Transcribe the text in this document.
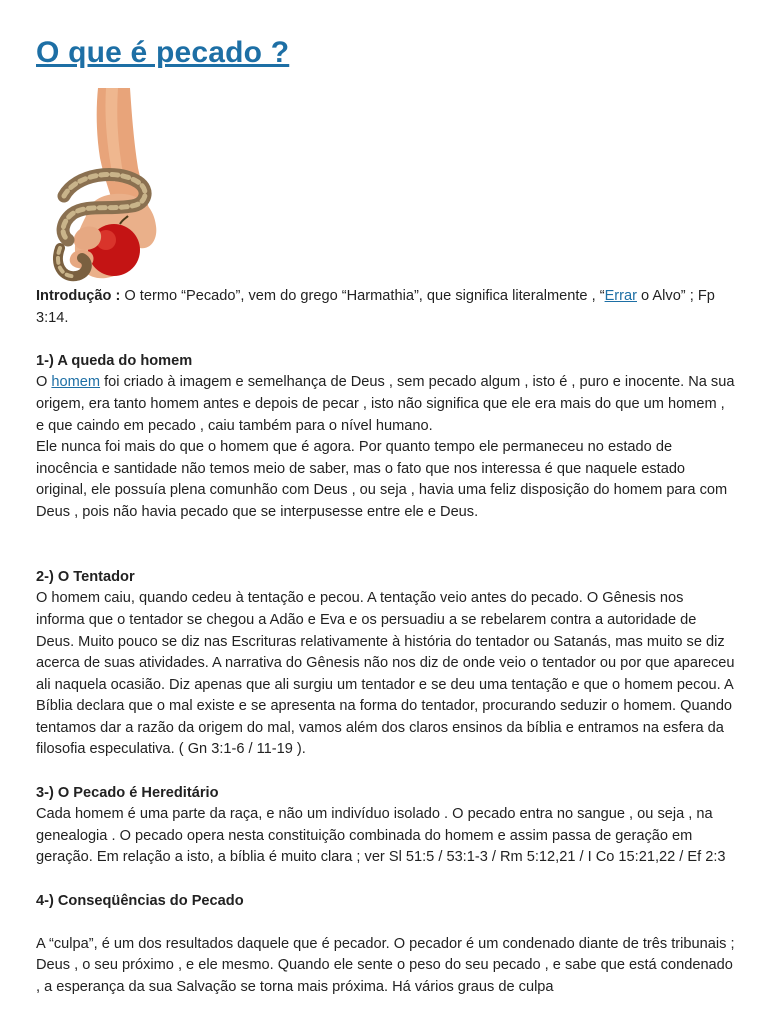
O que é pecado ?

Introdução : O termo “Pecado”, vem do grego “Harmathia”, que significa literalmente , “Errar o Alvo” ; Fp 3:14.

1-) A queda do homem

O homem foi criado à imagem e semelhança de Deus , sem pecado algum , isto é , puro e inocente. Na sua origem, era tanto homem antes e depois de pecar , isto não significa que ele era mais do que um homem , e que caindo em pecado , caiu também para o nível humano.

Ele nunca foi mais do que o homem que é agora. Por quanto tempo ele permaneceu no estado de inocência e santidade não temos meio de saber, mas o fato que nos interessa é que naquele estado original, ele possuía plena comunhão com Deus , ou seja , havia uma feliz disposição do homem para com Deus , pois não havia pecado que se interpusesse entre ele e Deus.

2-) O Tentador

O homem caiu, quando cedeu à tentação e pecou. A tentação veio antes do pecado. O Gênesis nos informa que o tentador se chegou a Adão e Eva e os persuadiu a se rebelarem contra a autoridade de Deus. Muito pouco se diz nas Escrituras relativamente à história do tentador ou Satanás, mas muito se diz acerca de suas atividades. A narrativa do Gênesis não nos diz de onde veio o tentador ou por que apareceu ali naquela ocasião. Diz apenas que ali surgiu um tentador e se deu uma tentação e que o homem pecou. A Bíblia declara que o mal existe e se apresenta na forma do tentador, procurando seduzir o homem. Quando tentamos dar a razão da origem do mal, vamos além dos claros ensinos da bíblia e entramos na esfera da filosofia especulativa. ( Gn 3:1-6 / 11-19 ).

3-) O Pecado é Hereditário

Cada homem é uma parte da raça, e não um indivíduo isolado . O pecado entra no sangue , ou seja , na genealogia . O pecado opera nesta constituição combinada do homem e assim passa de geração em geração. Em relação a isto, a bíblia é muito clara ; ver Sl 51:5 / 53:1-3 / Rm 5:12,21 / I Co 15:21,22 / Ef 2:3

4-) Conseqüências do Pecado

A “culpa”, é um dos resultados daquele que é pecador. O pecador é um condenado diante de três tribunais ; Deus , o seu próximo , e ele mesmo. Quando ele sente o peso do seu pecado , e sabe que está condenado , a esperança da sua Salvação se torna mais próxima. Há vários graus de culpa
